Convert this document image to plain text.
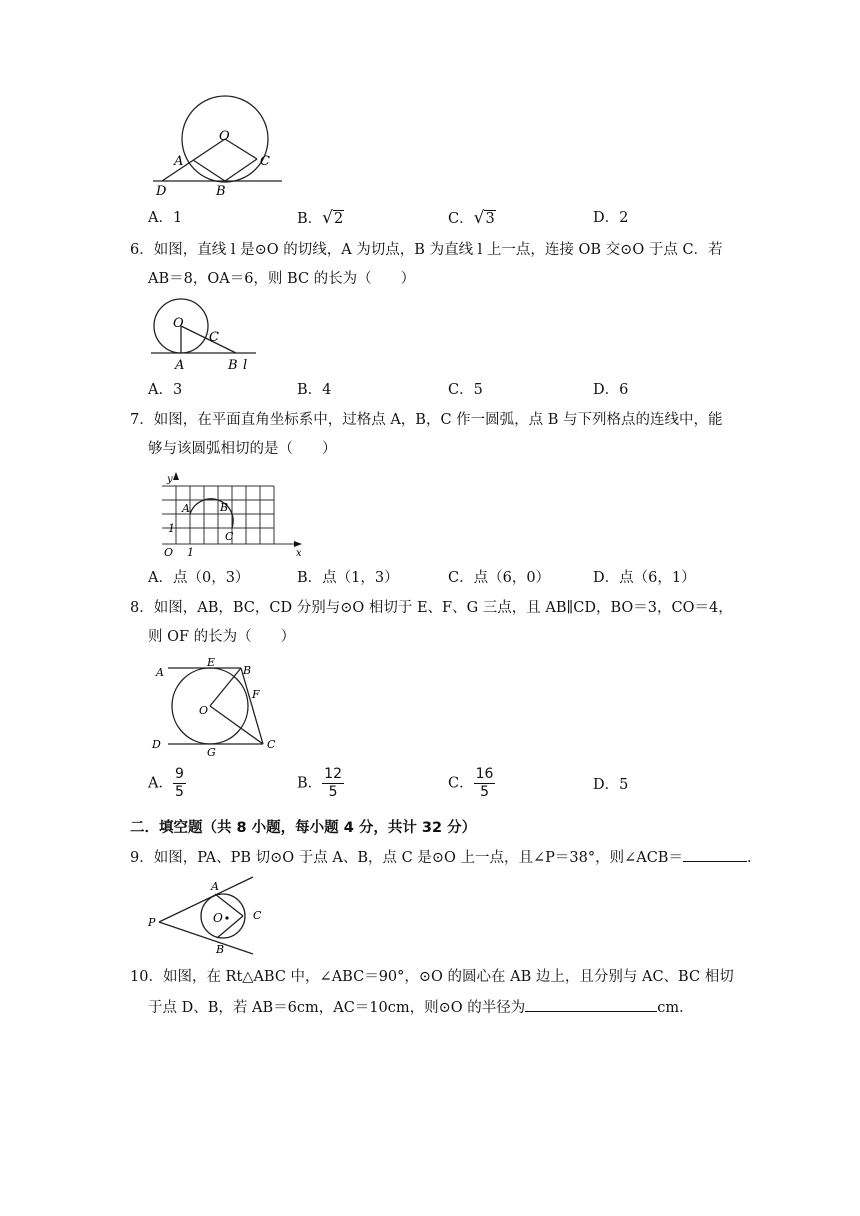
O
A	C
D	B
A．1	B．√2	C．√3	D．2
6．如图，直线 l 是⊙O 的切线，A 为切点，B 为直线 l 上一点，连接 OB 交⊙O 于点 C．若
AB＝8，OA＝6，则 BC 的长为（　　）
O
C
A	B l
A．3	B．4	C．5	D．6
7．如图，在平面直角坐标系中，过格点 A，B，C 作一圆弧，点 B 与下列格点的连线中，能
够与该圆弧相切的是（　　）
y
A	B
1
C
O 1	x
A．点（0，3）	B．点（1，3）	C．点（6，0）	D．点（6，1）
8．如图，AB，BC，CD 分别与⊙O 相切于 E、F、G 三点，且 AB∥CD，BO＝3，CO＝4，
则 OF 的长为（　　）
A
E
B
F
O
D
G
C
A． $\frac{9}{5}$	B． $\frac{12}{5}$	C． $\frac{16}{5}$	D．5
二．填空题（共 8 小题，每小题 4 分，共计 32 分）
9．如图，PA、PB 切⊙O 于点 A、B，点 C 是⊙O 上一点，且∠P＝38°，则∠ACB＝	．
A
P	O	C
B
10．如图，在 Rt△ABC 中，∠ABC＝90°，⊙O 的圆心在 AB 边上，且分别与 AC、BC 相切
于点 D、B，若 AB＝6cm，AC＝10cm，则⊙O 的半径为	cm．
